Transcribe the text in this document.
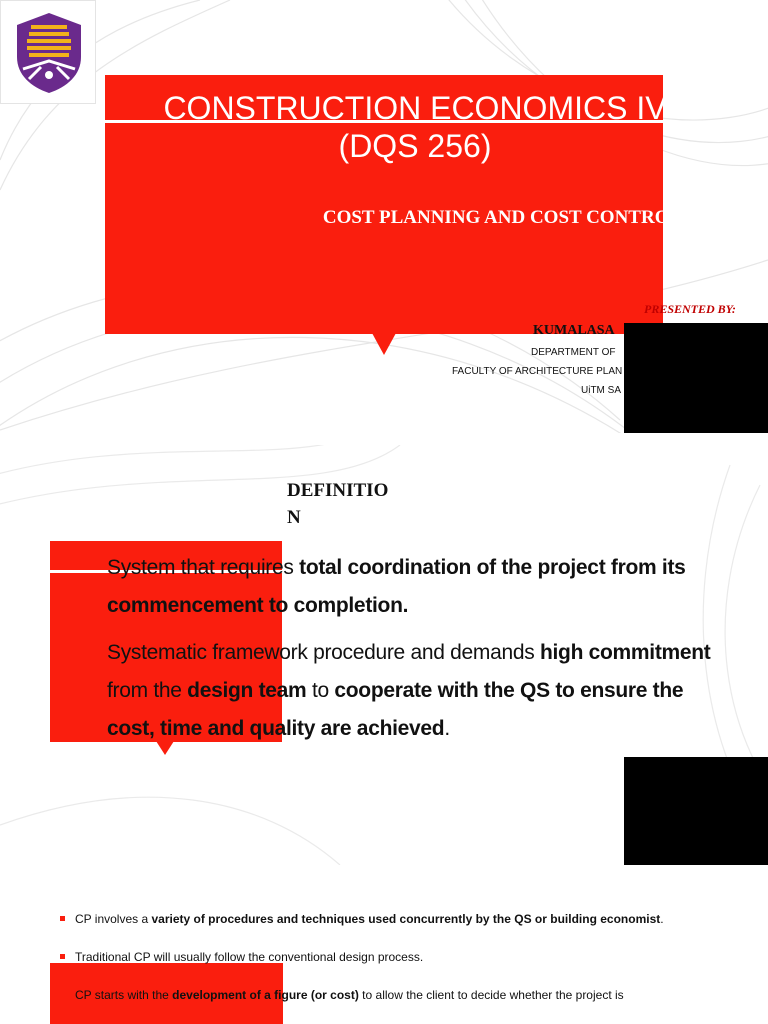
CONSTRUCTION ECONOMICS IV
(DQS 256)
COST PLANNING AND COST CONTROL
PRESENTED BY:
KUMALASA
DEPARTMENT OF
FACULTY OF ARCHITECTURE PLAN
UiTM SA
DEFINITIO
N

System that requires total coordination of the project from its commencement to completion.

Systematic framework procedure and demands high commitment from the design team to cooperate with the QS to ensure the cost, time and quality are achieved.

CP involves a variety of procedures and techniques used concurrently by the QS or building economist.
Traditional CP will usually follow the conventional design process.
CP starts with the development of a figure (or cost) to allow the client to decide whether the project is
